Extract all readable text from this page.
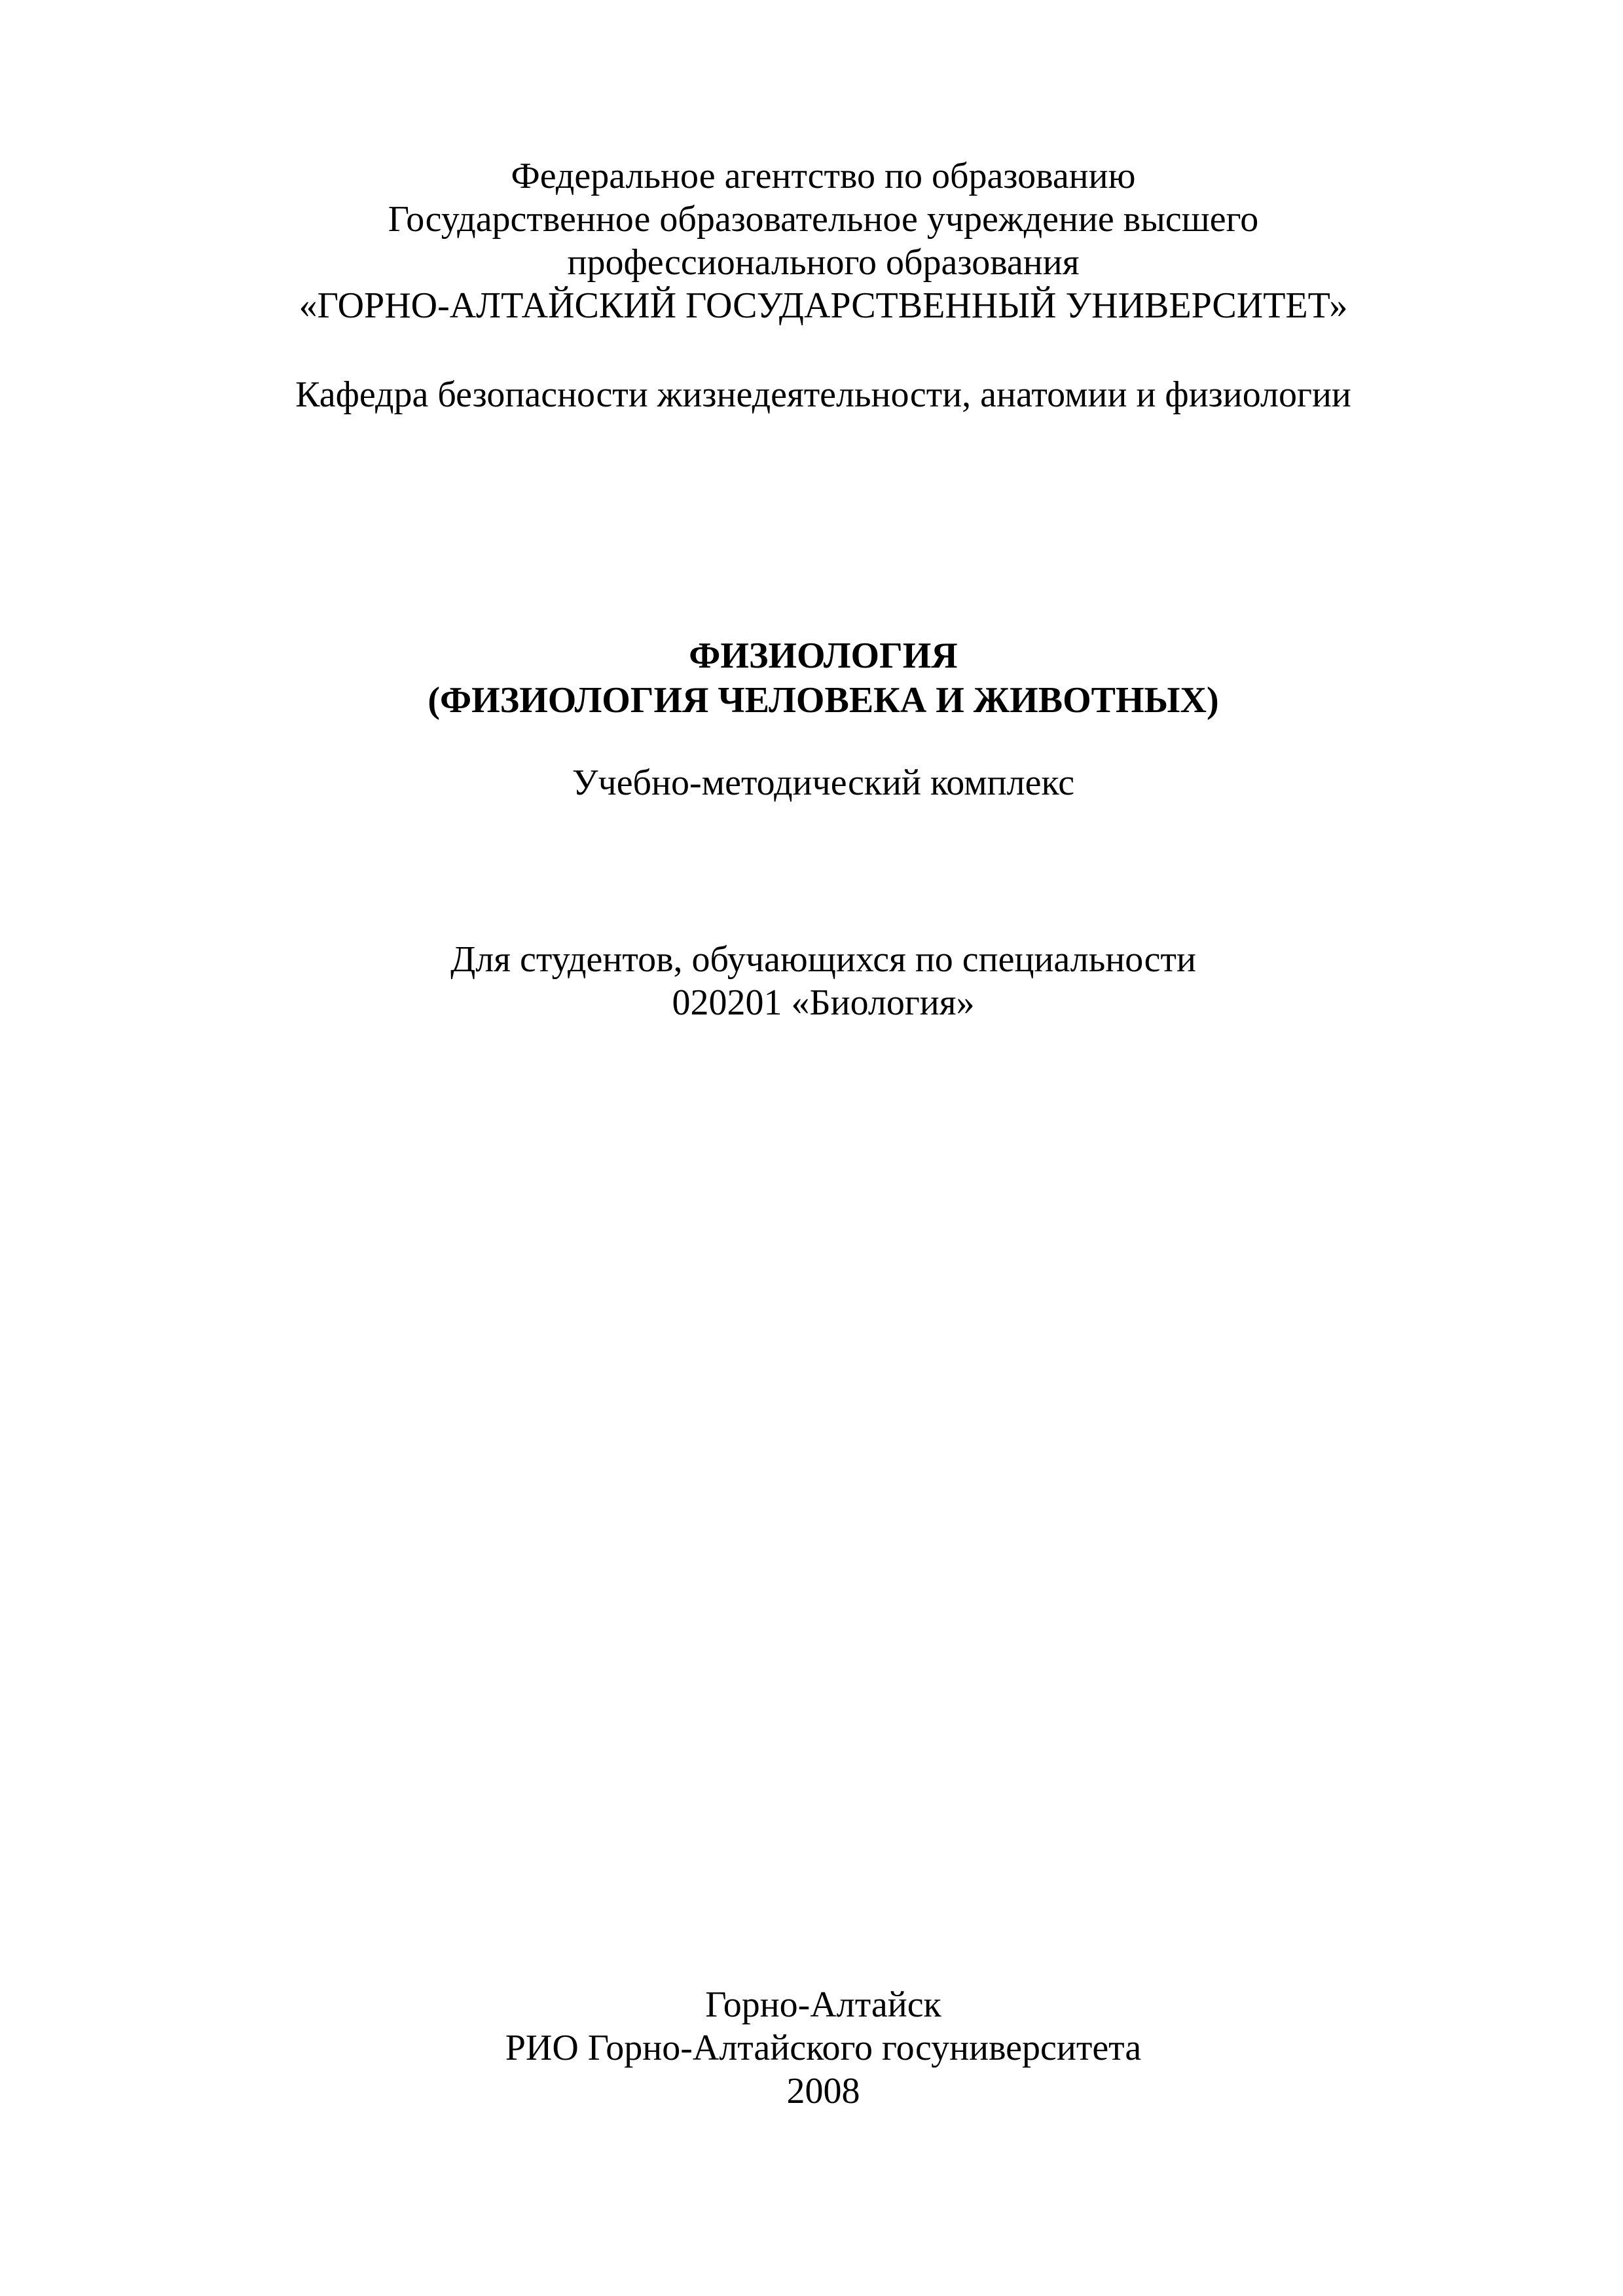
Федеральное агентство по образованию
Государственное образовательное учреждение высшего
профессионального образования
«ГОРНО-АЛТАЙСКИЙ ГОСУДАРСТВЕННЫЙ УНИВЕРСИТЕТ»
Кафедра безопасности жизнедеятельности, анатомии и физиологии
ФИЗИОЛОГИЯ
(ФИЗИОЛОГИЯ ЧЕЛОВЕКА И ЖИВОТНЫХ)
Учебно-методический комплекс
Для студентов, обучающихся по специальности
020201 «Биология»
Горно-Алтайск
РИО Горно-Алтайского госуниверситета
2008
